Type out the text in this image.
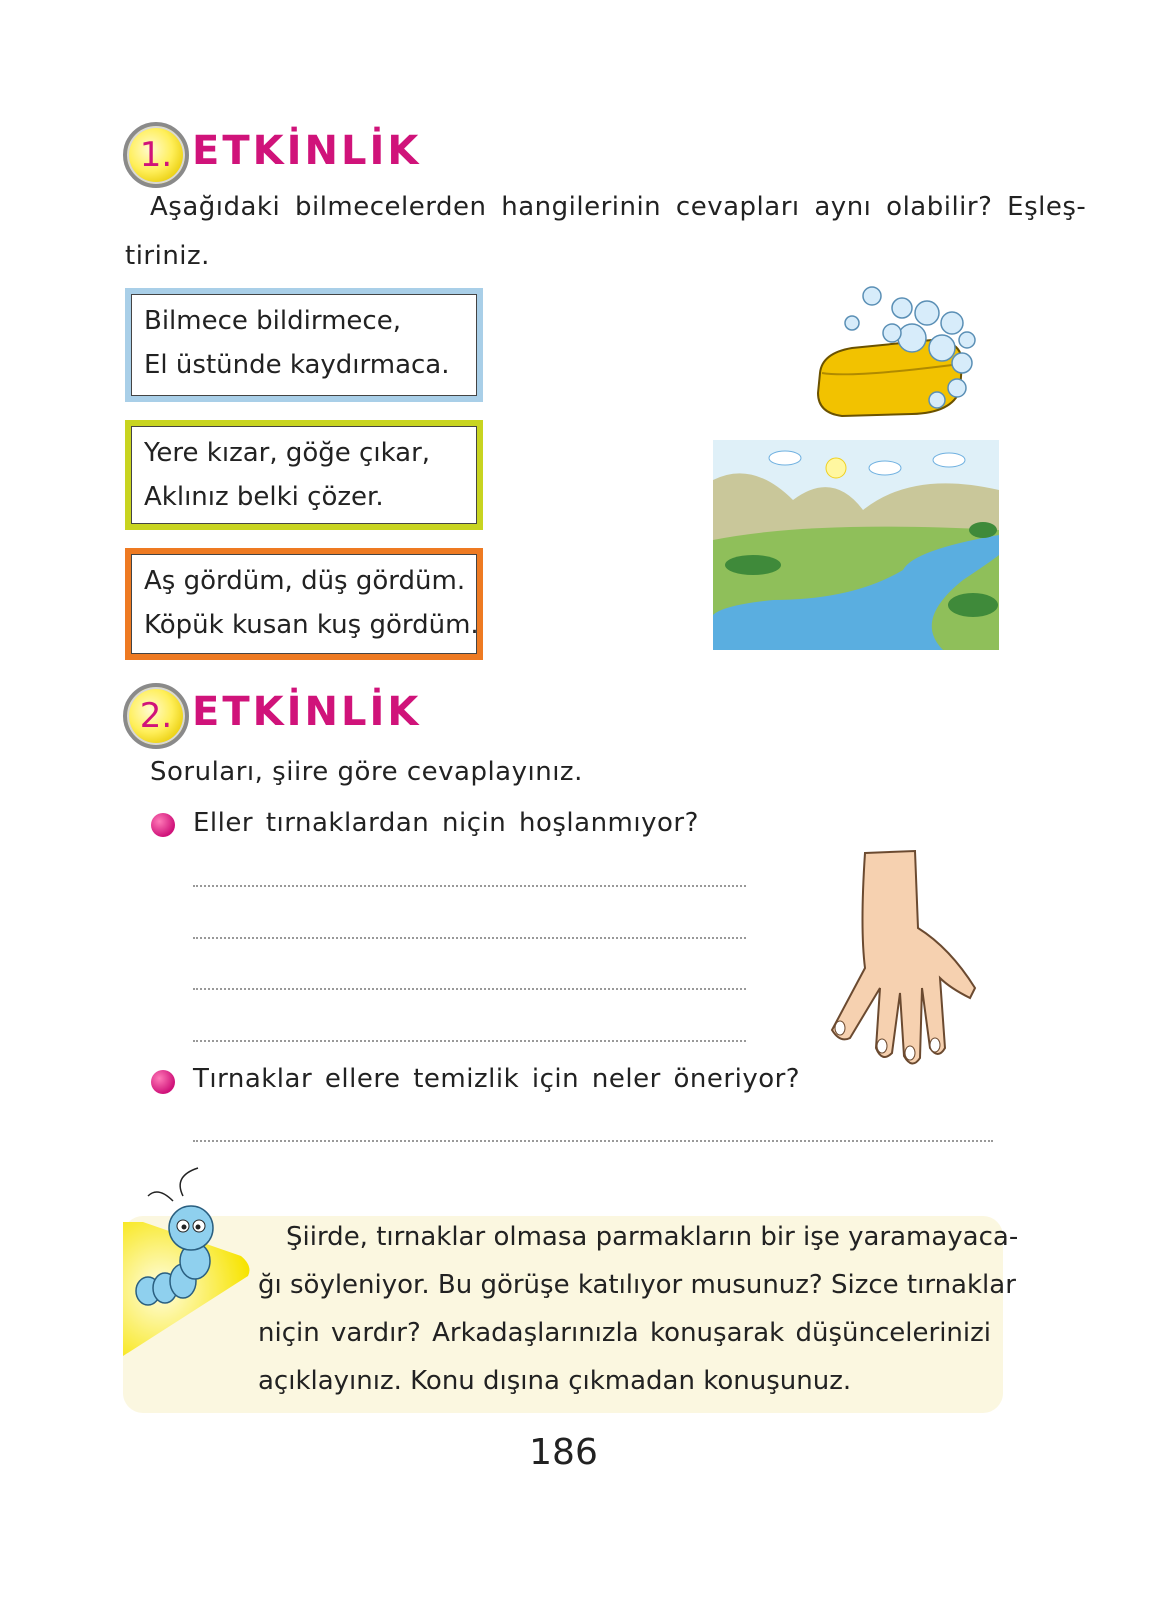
1. ETKİNLİK
Aşağıdaki bilmecelerden hangilerinin cevapları aynı olabilir? Eşleş-
tiriniz.
Bilmece bildirmece,
El üstünde kaydırmaca.
Yere kızar, göğe çıkar,
Aklınız belki çözer.
Aş gördüm, düş gördüm.
Köpük kusan kuş gördüm.
2. ETKİNLİK
Soruları, şiire göre cevaplayınız.
Eller tırnaklardan niçin hoşlanmıyor?
Tırnaklar ellere temizlik için neler öneriyor?
Şiirde, tırnaklar olmasa parmakların bir işe yaramayaca-
ğı söyleniyor. Bu görüşe katılıyor musunuz? Sizce tırnaklar
niçin vardır? Arkadaşlarınızla konuşarak düşüncelerinizi
açıklayınız. Konu dışına çıkmadan konuşunuz.
186
